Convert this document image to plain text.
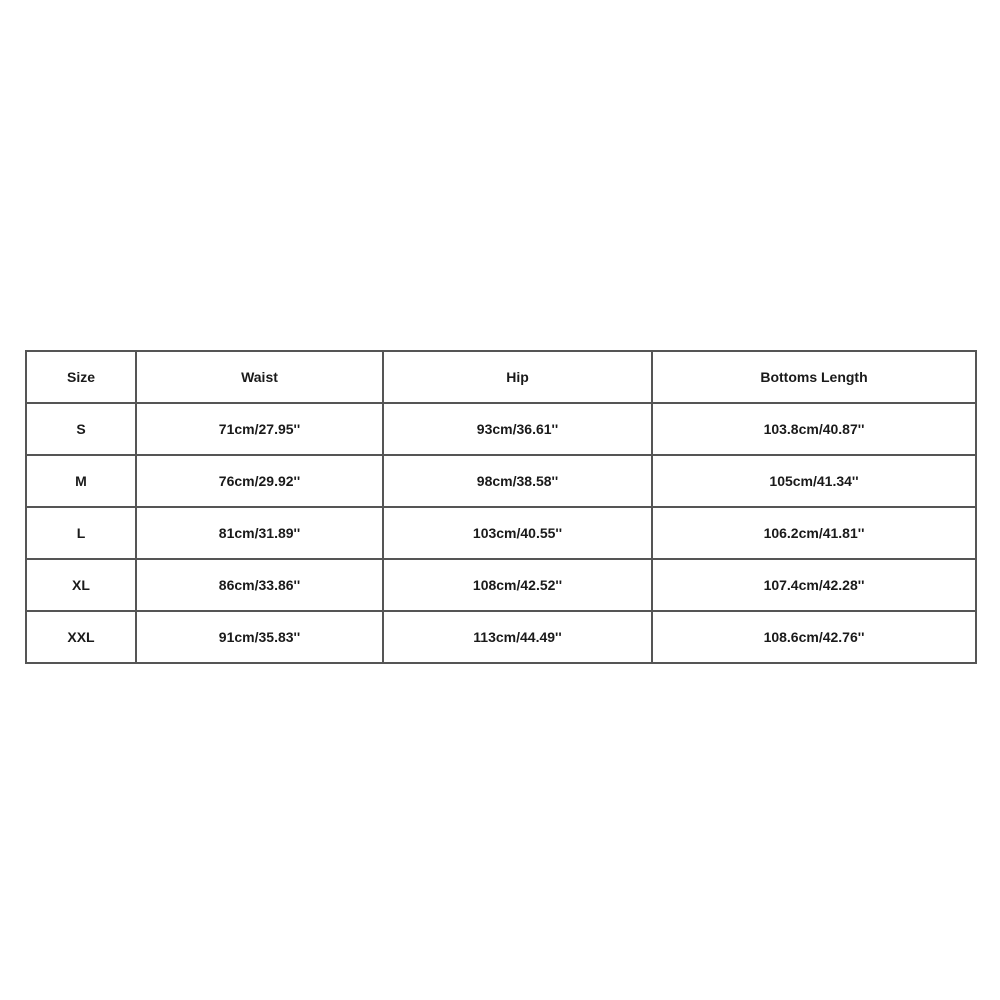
Size	Waist	Hip	Bottoms Length
S	71cm/27.95''	93cm/36.61''	103.8cm/40.87''
M	76cm/29.92''	98cm/38.58''	105cm/41.34''
L	81cm/31.89''	103cm/40.55''	106.2cm/41.81''
XL	86cm/33.86''	108cm/42.52''	107.4cm/42.28''
XXL	91cm/35.83''	113cm/44.49''	108.6cm/42.76''
